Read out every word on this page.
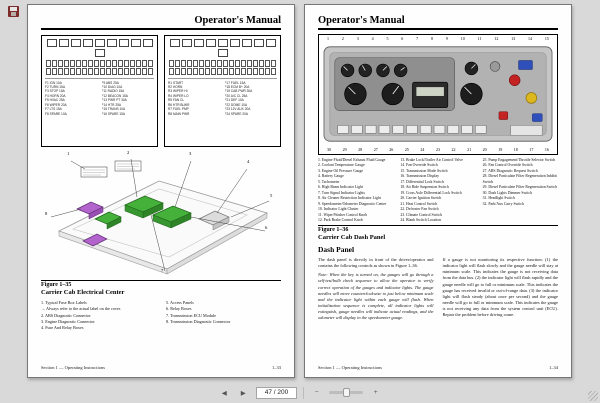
Operator's Manual
F1 IGN 10A
F2 TURN 15A
F3 STOP 15A
F4 HORN 20A
F5 HVAC 25A
F6 WIPER 20A
F7 LTS 15A
F8 SPARE 10A
F9 ABS 25A
F10 DIAG 10A
F11 RADIO 15A
F12 BEACON 15A
F13 PWR PT 30A
F14 HTR 25A
F15 TRANS 10A
F16 SPARE 15A
R1 START
R2 HORN
R3 WIPER HI
R4 WIPER LO
R5 FAN CL
R6 HTR BLWR
R7 FUEL PMP
R8 MAIN PWR
F17 FUEL 15A
F18 ECM B+ 20A
F19 CAB PWR 30A
F20 A/C CL 25A
F21 DEF 10A
F22 DOME 10A
F23 12V AUX 20A
F24 SPARE 20A
1	2	3
4
5
6
7
8
Figure 1–35
Carrier Cab Electrical Center
1. Typical Fuse Box Labels
→ Always refer to the actual label on the cover.
2. ABS Diagnostic Connector
3. Engine Diagnostic Connector
4. Fuse And Relay Boxes
5. Access Panels
6. Relay Boxes
7. Transmission ECU Module
8. Transmission Diagnostic Connector
Section 1 — Operating Instructions	1–33
Operator's Manual
1	2	3	4	5	6	7	8	9	10	11	12	13	14	15
30	29	28	27	26	25	24	23	22	21	20	19	18	17	16
1. Engine Fluid/Diesel Exhaust Fluid Gauge
2. Coolant Temperature Gauge
3. Engine Oil Pressure Gauge
4. Battery Gauge
5. Tachometer
6. High Beam Indicator Light
7. Turn Signal Indicator Lights
8. Air Cleaner Restriction Indicator Light
9. Speedometer/Odometer Diagnostic Center
10. Indicator Light Cluster
11. Wiper/Washer Control Knob
12. Park Brake Control Knob
13. Brake Lock/Trailer Air Control Valve
14. Fan Override Switch
15. Transmission Mode Switch
16. Transmission Display
17. Differential Lock Switch
18. Air Ride Suspension Switch
19. Cross Axle Differential Lock Switch
20. Carrier Ignition Switch
21. Heat Control Switch
22. Defroster Fan Switch
23. Climate Control Switch
24. Blank Switch Location
25. Pump Engagement/Throttle Selector Switch
26. Fan Control Override Switch
27. ABS Diagnostic Request Switch
28. Diesel Particulate Filter Regeneration Inhibit Switch
29. Diesel Particulate Filter Regeneration Switch
30. Dash Lights Dimmer Switch
31. Headlight Switch
32. Park/Aux Carry Switch
Figure 1–36
Carrier Cab Dash Panel
Dash Panel

The dash panel is directly in front of the driver/operator and contains the following controls as shown in Figure 1–36.

Note: When the key is turned on, the gauges will go through a self-test/bulb check sequence to allow the operator to verify correct operation of the gauges and indicator lights. The gauge needles will move counterclockwise to just below minimum scale and the indicator light within each gauge will flash. When initialization sequence is complete, all indicator lights will extinguish, gauge needles will indicate actual readings, and the odometer will display in the speedometer gauge.

If a gauge is not monitoring its respective function: (1) the indicator light will flash slowly and the gauge needle will stay at minimum scale. This indicates the gauge is not receiving data from the data bus. (2) the indicator light will flash rapidly and the gauge needle will go to full or minimum scale. This indicates the gauge has received invalid or out-of-range data. (3) the indicator light will flash steady (about once per second) and the gauge needle will go to full or minimum scale. This indicates the gauge is not receiving any data from the system control unit (ECU). Repair the problem before driving crane.

Section 1 — Operating Instructions	1–34
◀	▶	47 / 200	−	+
